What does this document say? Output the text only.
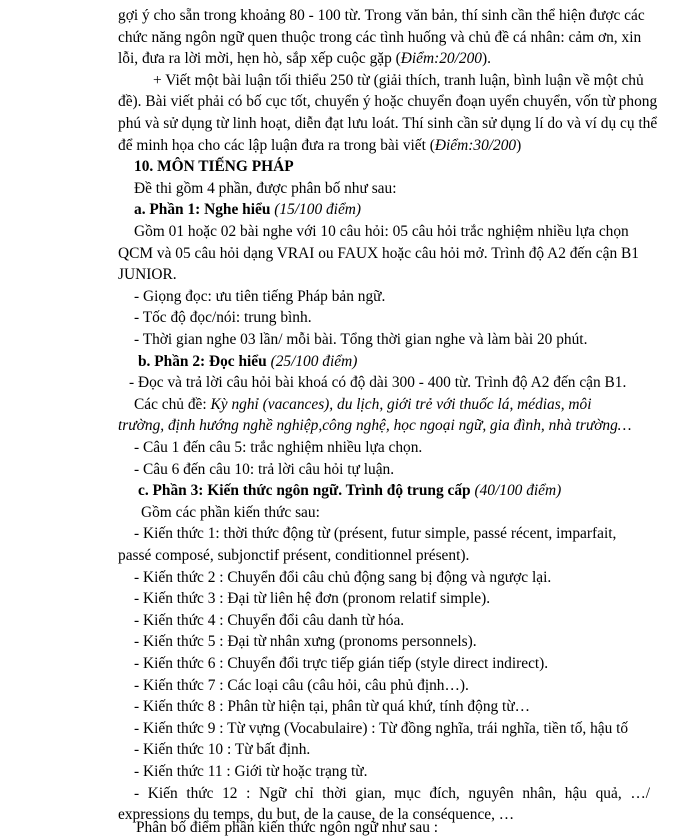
gợi ý cho sẵn trong khoảng 80 - 100 từ. Trong văn bản, thí sinh cần thể hiện được các
chức năng ngôn ngữ quen thuộc trong các tình huống và chủ đề cá nhân: cảm ơn, xin
lỗi, đưa ra lời mời, hẹn hò, sắp xếp cuộc gặp (Điểm:20/200).
+ Viết một bài luận tối thiểu 250 từ (giải thích, tranh luận, bình luận về một chủ
đề). Bài viết phải có bố cục tốt, chuyển ý hoặc chuyển đoạn uyển chuyển, vốn từ phong
phú và sử dụng từ linh hoạt, diễn đạt lưu loát. Thí sinh cần sử dụng lí do và ví dụ cụ thể
để minh họa cho các lập luận đưa ra trong bài viết (Điểm:30/200)
10. MÔN TIẾNG PHÁP
Đề thi gồm 4 phần, được phân bố như sau:
a. Phần 1: Nghe hiểu (15/100 điểm)
Gồm 01 hoặc 02 bài nghe với 10 câu hỏi: 05 câu hỏi trắc nghiệm nhiều lựa chọn
QCM và 05 câu hỏi dạng VRAI ou FAUX hoặc câu hỏi mở. Trình độ A2 đến cận B1
JUNIOR.
- Giọng đọc: ưu tiên tiếng Pháp bản ngữ.
- Tốc độ đọc/nói: trung bình.
- Thời gian nghe 03 lần/ mỗi bài. Tổng thời gian nghe và làm bài 20 phút.
b. Phần 2: Đọc hiểu (25/100 điểm)
- Đọc và trả lời câu hỏi bài khoá có độ dài 300 - 400 từ. Trình độ A2 đến cận B1.
Các chủ đề: Kỳ nghỉ (vacances), du lịch, giới trẻ với thuốc lá, médias, môi
trường, định hướng nghề nghiệp,công nghệ, học ngoại ngữ, gia đình, nhà trường…
- Câu 1 đến câu 5: trắc nghiệm nhiều lựa chọn.
- Câu 6 đến câu 10: trả lời câu hỏi tự luận.
c. Phần 3: Kiến thức ngôn ngữ. Trình độ trung cấp (40/100 điểm)
Gồm các phần kiến thức sau:
- Kiến thức 1: thời thức động từ (présent, futur simple, passé récent, imparfait,
passé composé, subjonctif présent, conditionnel présent).
- Kiến thức 2 : Chuyển đổi câu chủ động sang bị động và ngược lại.
- Kiến thức 3 : Đại từ liên hệ đơn (pronom relatif simple).
- Kiến thức 4 : Chuyển đổi câu danh từ hóa.
- Kiến thức 5 : Đại từ nhân xưng (pronoms personnels).
- Kiến thức 6 : Chuyển đổi trực tiếp gián tiếp (style direct indirect).
- Kiến thức 7 : Các loại câu (câu hỏi, câu phủ định…).
- Kiến thức 8 : Phân từ hiện tại, phân từ quá khứ, tính động từ…
- Kiến thức 9 : Từ vựng (Vocabulaire) : Từ đồng nghĩa, trái nghĩa, tiền tố, hậu tố
- Kiến thức 10 : Từ bất định.
- Kiến thức 11 : Giới từ hoặc trạng từ.
- Kiến thức 12 : Ngữ chỉ thời gian, mục đích, nguyên nhân, hậu quả, …/
expressions du temps, du but, de la cause, de la conséquence, …
Phân bố điểm phần kiến thức ngôn ngữ như sau :
